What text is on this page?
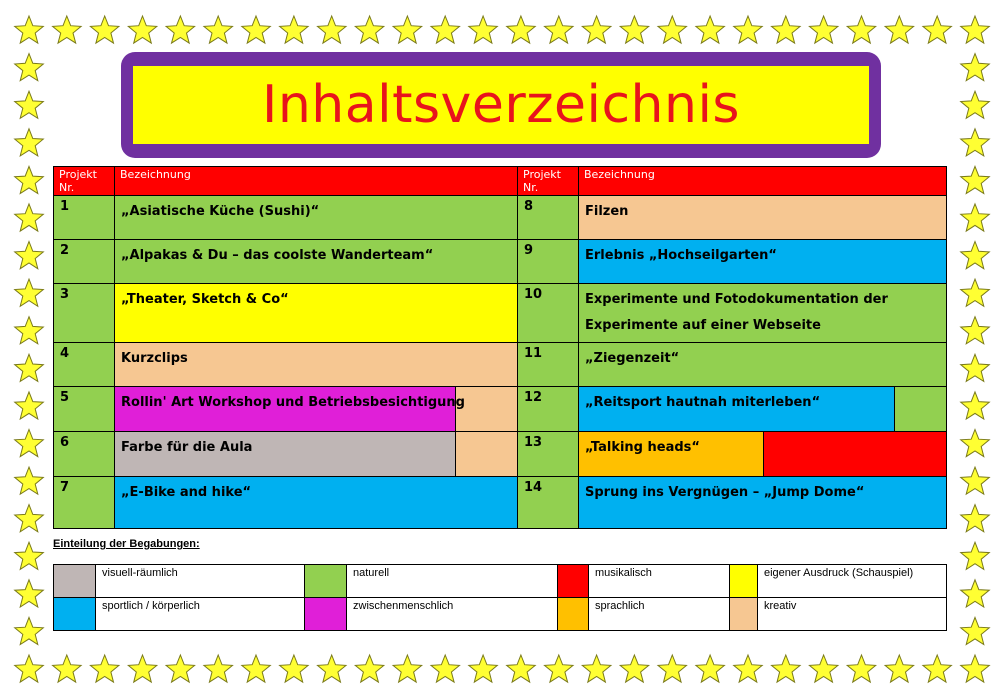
Inhaltsverzeichnis
Projekt Nr.	Bezeichnung	Projekt Nr.	Bezeichnung
1	„Asiatische Küche (Sushi)“	8	Filzen

2	„Alpakas & Du – das coolste Wanderteam“	9	Erlebnis „Hochseilgarten“

3	„Theater, Sketch & Co“	10	Experimente und Fotodokumentation der Experimente auf einer Webseite

4	Kurzclips	11	„Ziegenzeit“

5	Rollin' Art Workshop und Betriebsbesichtigung	12	„Reitsport hautnah miterleben“

6	Farbe für die Aula	13	„Talking heads“

7	„E-Bike and hike“	14	Sprung ins Vergnügen – „Jump Dome“
Einteilung der Begabungen:
	visuell-räumlich		naturell		musikalisch		eigener Ausdruck (Schauspiel)
	sportlich / körperlich		zwischenmenschlich		sprachlich		kreativ
